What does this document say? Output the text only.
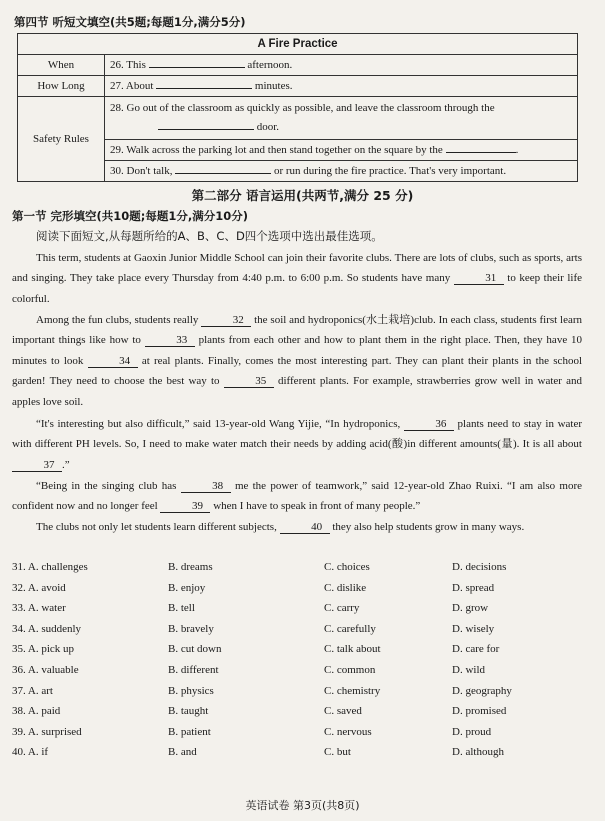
第四节 听短文填空(共5题;每题1分,满分5分)
A Fire Practice	
When	26. This afternoon.
How Long	27. About minutes.
Safety Rules	28. Go out of the classroom as quickly as possible, and leave the classroom through the
door.
	29. Walk across the parking lot and then stand together on the square by the .
	30. Don't talk, or run during the fire practice. That's very important.
第二部分 语言运用(共两节,满分 25 分)
第一节 完形填空(共10题;每题1分,满分10分)
阅读下面短文,从每题所给的A、B、C、D四个选项中选出最佳选项。
This term, students at Gaoxin Junior Middle School can join their favorite clubs. There are lots of clubs, such as sports, arts and singing. They take place every Thursday from 4:40 p.m. to 6:00 p.m. So students have many	31 to keep their life colorful.
Among the fun clubs, students really	32 the soil and hydroponics(水土栽培)club. In each class, students first learn important things like how to	33 plants from each other and how to plant them in the right place. Then, they have 10 minutes to look	34 at real plants. Finally, comes the most interesting part. They can plant their plants in the school garden! They need to choose the best way to	35 different plants. For example, strawberries grow well in water and apples love soil.
“It's interesting but also difficult,” said 13-year-old Wang Yijie, “In hydroponics,	36 plants need to stay in water with different PH levels. So, I need to make water match their needs by adding acid(酸)in different amounts(量). It is all about 37 .”
“Being in the singing club has	38 me the power of teamwork,” said 12-year-old Zhao Ruixi. “I am also more confident now and no longer feel	39 when I have to speak in front of many people.”
The clubs not only let students learn different subjects,	40 they also help students grow in many ways.
31. A. challenges	B. dreams	C. choices	D. decisions
32. A. avoid	B. enjoy	C. dislike	D. spread
33. A. water	B. tell	C. carry	D. grow
34. A. suddenly	B. bravely	C. carefully	D. wisely
35. A. pick up	B. cut down	C. talk about	D. care for
36. A. valuable	B. different	C. common	D. wild
37. A. art	B. physics	C. chemistry	D. geography
38. A. paid	B. taught	C. saved	D. promised
39. A. surprised	B. patient	C. nervous	D. proud
40. A. if	B. and	C. but	D. although
英语试卷 第3页(共8页)
